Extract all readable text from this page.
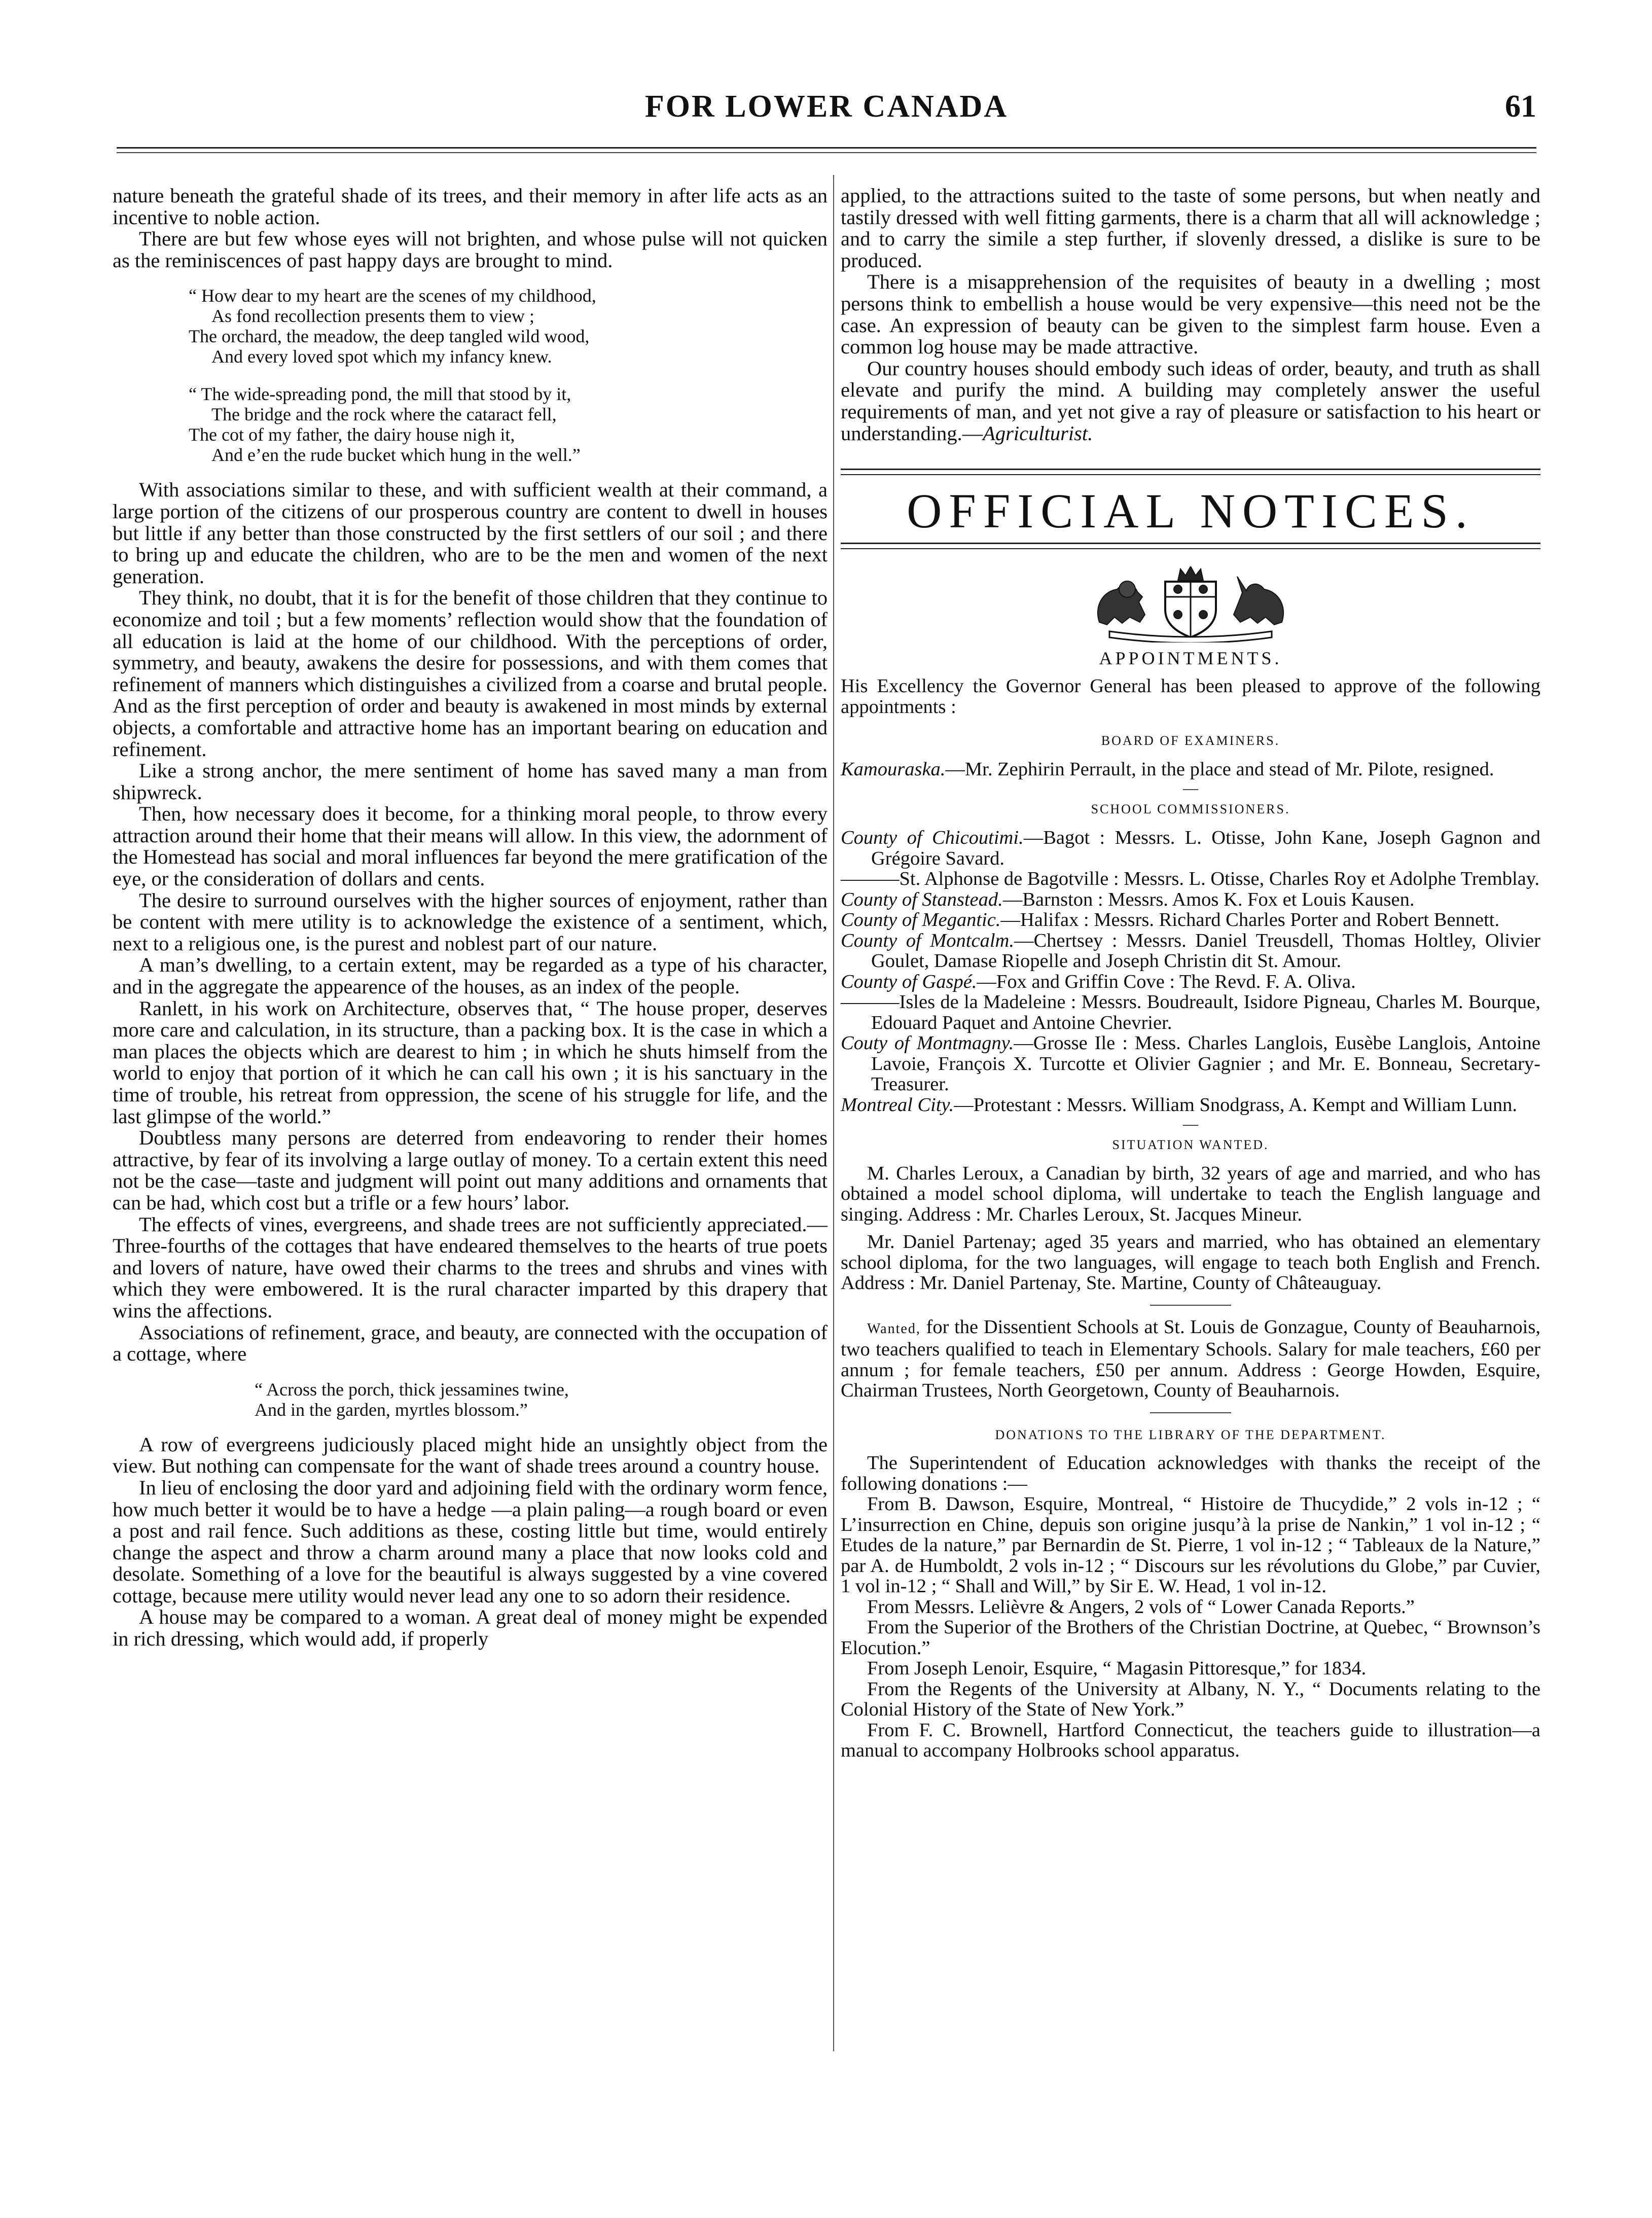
FOR LOWER CANADA	61

nature beneath the grateful shade of its trees, and their memory in after life acts as an incentive to noble action.

There are but few whose eyes will not brighten, and whose pulse will not quicken as the reminiscences of past happy days are brought to mind.

“ How dear to my heart are the scenes of my childhood,
As fond recollection presents them to view ;
The orchard, the meadow, the deep tangled wild wood,
And every loved spot which my infancy knew.
“ The wide-spreading pond, the mill that stood by it,
The bridge and the rock where the cataract fell,
The cot of my father, the dairy house nigh it,
And e’en the rude bucket which hung in the well.”

With associations similar to these, and with sufficient wealth at their command, a large portion of the citizens of our prosperous country are content to dwell in houses but little if any better than those constructed by the first settlers of our soil ; and there to bring up and educate the children, who are to be the men and women of the next generation.

They think, no doubt, that it is for the benefit of those children that they continue to economize and toil ; but a few moments’ reflection would show that the foundation of all education is laid at the home of our childhood. With the perceptions of order, symmetry, and beauty, awakens the desire for possessions, and with them comes that refinement of manners which distinguishes a civilized from a coarse and brutal people. And as the first perception of order and beauty is awakened in most minds by external objects, a comfortable and attractive home has an important bearing on education and refinement.

Like a strong anchor, the mere sentiment of home has saved many a man from shipwreck.

Then, how necessary does it become, for a thinking moral people, to throw every attraction around their home that their means will allow. In this view, the adornment of the Homestead has social and moral influences far beyond the mere gratification of the eye, or the consideration of dollars and cents.

The desire to surround ourselves with the higher sources of enjoyment, rather than be content with mere utility is to acknowledge the existence of a sentiment, which, next to a religious one, is the purest and noblest part of our nature.

A man’s dwelling, to a certain extent, may be regarded as a type of his character, and in the aggregate the appearence of the houses, as an index of the people.

Ranlett, in his work on Architecture, observes that, “ The house proper, deserves more care and calculation, in its structure, than a packing box. It is the case in which a man places the objects which are dearest to him ; in which he shuts himself from the world to enjoy that portion of it which he can call his own ; it is his sanctuary in the time of trouble, his retreat from oppression, the scene of his struggle for life, and the last glimpse of the world.”

Doubtless many persons are deterred from endeavoring to render their homes attractive, by fear of its involving a large outlay of money. To a certain extent this need not be the case—taste and judgment will point out many additions and ornaments that can be had, which cost but a trifle or a few hours’ labor.

The effects of vines, evergreens, and shade trees are not sufficiently appreciated.—Three-fourths of the cottages that have endeared themselves to the hearts of true poets and lovers of nature, have owed their charms to the trees and shrubs and vines with which they were embowered. It is the rural character imparted by this drapery that wins the affections.

Associations of refinement, grace, and beauty, are connected with the occupation of a cottage, where

“ Across the porch, thick jessamines twine,
And in the garden, myrtles blossom.”

A row of evergreens judiciously placed might hide an unsightly object from the view. But nothing can compensate for the want of shade trees around a country house.

In lieu of enclosing the door yard and adjoining field with the ordinary worm fence, how much better it would be to have a hedge —a plain paling—a rough board or even a post and rail fence. Such additions as these, costing little but time, would entirely change the aspect and throw a charm around many a place that now looks cold and desolate. Something of a love for the beautiful is always suggested by a vine covered cottage, because mere utility would never lead any one to so adorn their residence.

A house may be compared to a woman. A great deal of money might be expended in rich dressing, which would add, if properly

applied, to the attractions suited to the taste of some persons, but when neatly and tastily dressed with well fitting garments, there is a charm that all will acknowledge ; and to carry the simile a step further, if slovenly dressed, a dislike is sure to be produced.

There is a misapprehension of the requisites of beauty in a dwelling ; most persons think to embellish a house would be very expensive—this need not be the case. An expression of beauty can be given to the simplest farm house. Even a common log house may be made attractive.

Our country houses should embody such ideas of order, beauty, and truth as shall elevate and purify the mind. A building may completely answer the useful requirements of man, and yet not give a ray of pleasure or satisfaction to his heart or understanding.—Agriculturist.

OFFICIAL NOTICES.
APPOINTMENTS.

His Excellency the Governor General has been pleased to approve of the following appointments :

BOARD OF EXAMINERS.

Kamouraska.—Mr. Zephirin Perrault, in the place and stead of Mr. Pilote, resigned.

—
SCHOOL COMMISSIONERS.

County of Chicoutimi.—Bagot : Messrs. L. Otisse, John Kane, Joseph Gagnon and Grégoire Savard.

———St. Alphonse de Bagotville : Messrs. L. Otisse, Charles Roy et Adolphe Tremblay.

County of Stanstead.—Barnston : Messrs. Amos K. Fox et Louis Kausen.

County of Megantic.—Halifax : Messrs. Richard Charles Porter and Robert Bennett.

County of Montcalm.—Chertsey : Messrs. Daniel Treusdell, Thomas Holtley, Olivier Goulet, Damase Riopelle and Joseph Christin dit St. Amour.

County of Gaspé.—Fox and Griffin Cove : The Revd. F. A. Oliva.

———Isles de la Madeleine : Messrs. Boudreault, Isidore Pigneau, Charles M. Bourque, Edouard Paquet and Antoine Chevrier.

Couty of Montmagny.—Grosse Ile : Mess. Charles Langlois, Eusèbe Langlois, Antoine Lavoie, François X. Turcotte et Olivier Gagnier ; and Mr. E. Bonneau, Secretary-Treasurer.

Montreal City.—Protestant : Messrs. William Snodgrass, A. Kempt and William Lunn.

—
SITUATION WANTED.

M. Charles Leroux, a Canadian by birth, 32 years of age and married, and who has obtained a model school diploma, will undertake to teach the English language and singing. Address : Mr. Charles Leroux, St. Jacques Mineur.

Mr. Daniel Partenay; aged 35 years and married, who has obtained an elementary school diploma, for the two languages, will engage to teach both English and French. Address : Mr. Daniel Partenay, Ste. Martine, County of Châteauguay.

Wanted, for the Dissentient Schools at St. Louis de Gonzague, County of Beauharnois, two teachers qualified to teach in Elementary Schools. Salary for male teachers, £60 per annum ; for female teachers, £50 per annum. Address : George Howden, Esquire, Chairman Trustees, North Georgetown, County of Beauharnois.

DONATIONS TO THE LIBRARY OF THE DEPARTMENT.

The Superintendent of Education acknowledges with thanks the receipt of the following donations :—

From B. Dawson, Esquire, Montreal, “ Histoire de Thucydide,” 2 vols in-12 ; “ L’insurrection en Chine, depuis son origine jusqu’à la prise de Nankin,” 1 vol in-12 ; “ Etudes de la nature,” par Bernardin de St. Pierre, 1 vol in-12 ; “ Tableaux de la Nature,” par A. de Humboldt, 2 vols in-12 ; “ Discours sur les révolutions du Globe,” par Cuvier, 1 vol in-12 ; “ Shall and Will,” by Sir E. W. Head, 1 vol in-12.

From Messrs. Lelièvre & Angers, 2 vols of “ Lower Canada Reports.”

From the Superior of the Brothers of the Christian Doctrine, at Quebec, “ Brownson’s Elocution.”

From Joseph Lenoir, Esquire, “ Magasin Pittoresque,” for 1834.

From the Regents of the University at Albany, N. Y., “ Documents relating to the Colonial History of the State of New York.”

From F. C. Brownell, Hartford Connecticut, the teachers guide to illustration—a manual to accompany Holbrooks school apparatus.
